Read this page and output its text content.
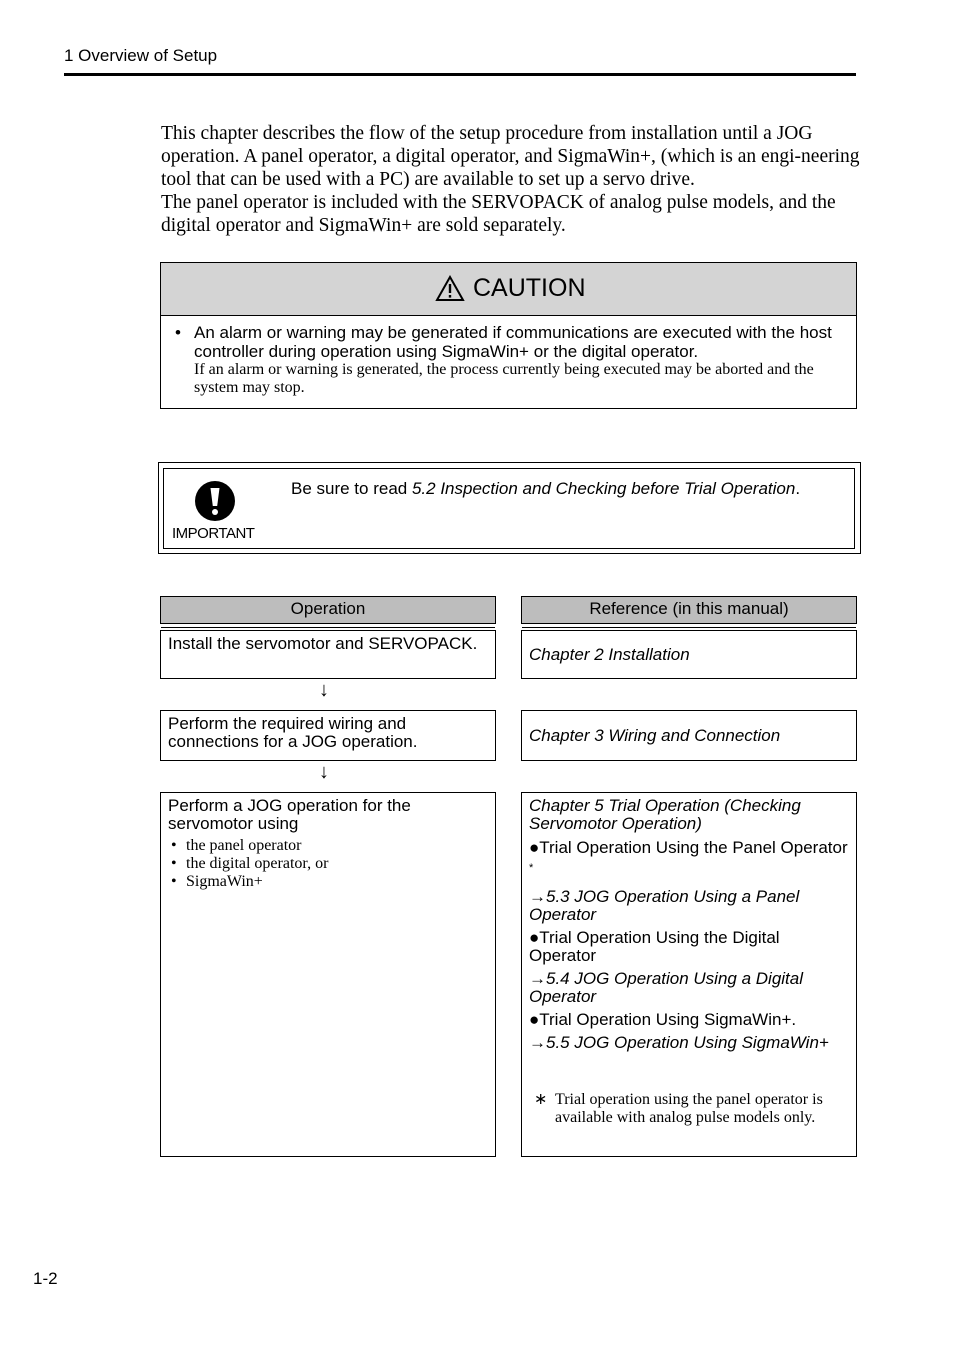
1 Overview of Setup

This chapter describes the flow of the setup procedure from installation until a JOG operation. A panel operator, a digital operator, and SigmaWin+, (which is an engi-neering tool that can be used with a PC) are available to set up a servo drive.

The panel operator is included with the SERVOPACK of analog pulse models, and the digital operator and SigmaWin+ are sold separately.

CAUTION
• An alarm or warning may be generated if communications are executed with the host controller during operation using SigmaWin+ or the digital operator.
If an alarm or warning is generated, the process currently being executed may be aborted and the system may stop.
IMPORTANT
Be sure to read 5.2 Inspection and Checking before Trial Operation.
Operation	Reference (in this manual)
Install the servomotor and SERVOPACK.
Chapter 2 Installation
↓
Perform the required wiring and connections for a JOG operation.	Chapter 3 Wiring and Connection
↓
Perform a JOG operation for the servomotor using
• the panel operator
• the digital operator, or
• SigmaWin+

Chapter 5 Trial Operation (Checking Servomotor Operation)

●Trial Operation Using the Panel Operator *

→5.3 JOG Operation Using a Panel Operator

●Trial Operation Using the Digital Operator

→5.4 JOG Operation Using a Digital Operator

●Trial Operation Using SigmaWin+.

→5.5 JOG Operation Using SigmaWin+

∗ Trial operation using the panel operator is available with analog pulse models only.
1-2
